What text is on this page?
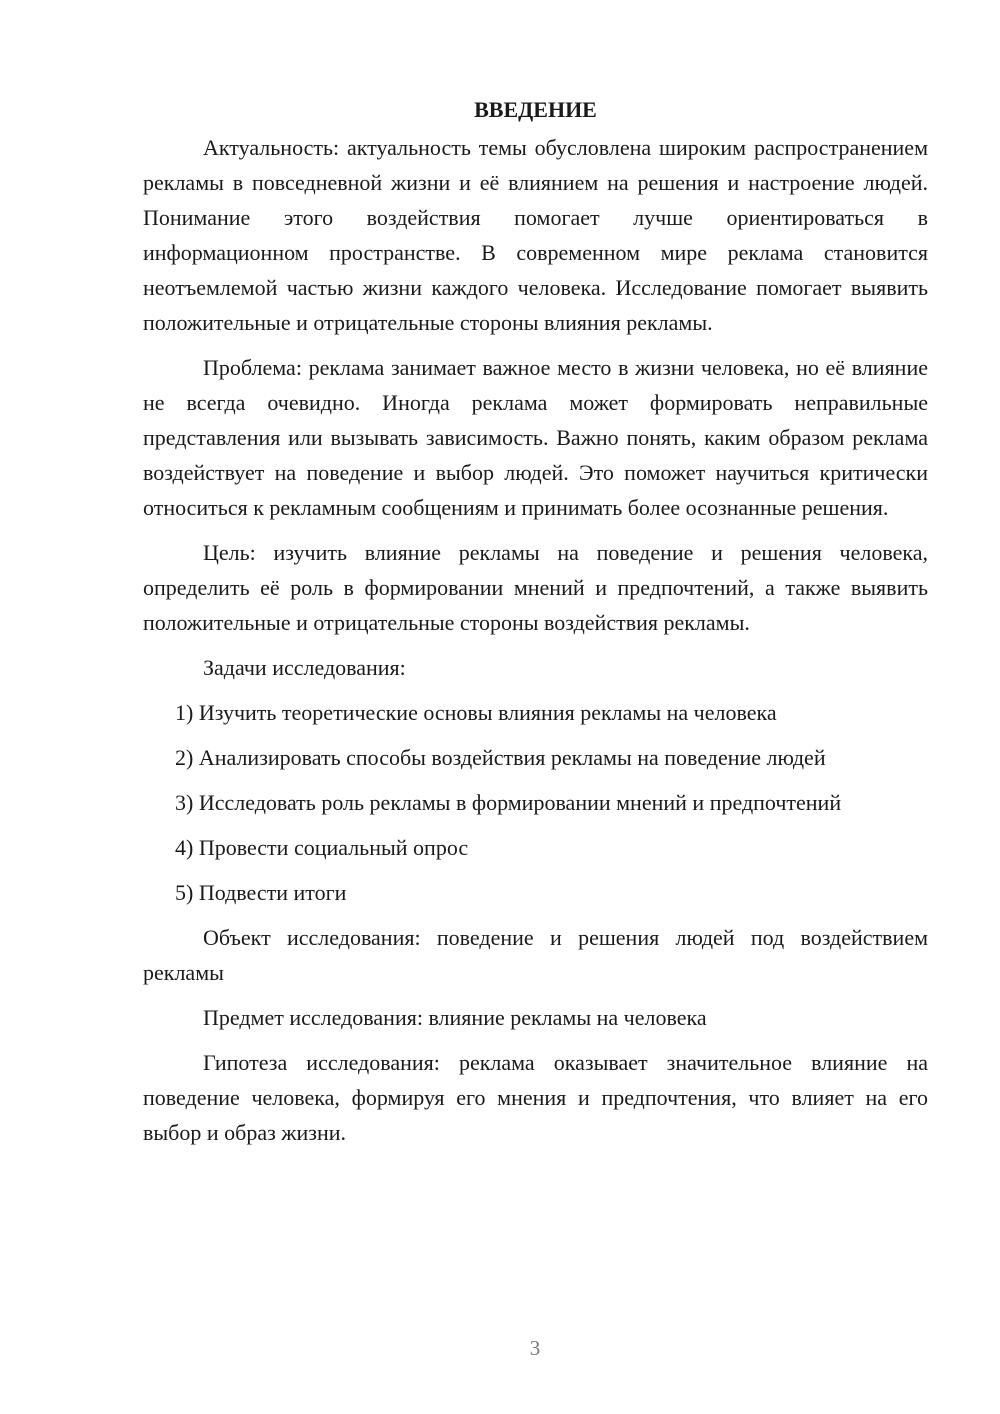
ВВЕДЕНИЕ

Актуальность: актуальность темы обусловлена широким распространением рекламы в повседневной жизни и её влиянием на решения и настроение людей. Понимание этого воздействия помогает лучше ориентироваться в информационном пространстве. В современном мире реклама становится неотъемлемой частью жизни каждого человека. Исследование помогает выявить положительные и отрицательные стороны влияния рекламы.

Проблема: реклама занимает важное место в жизни человека, но её влияние не всегда очевидно. Иногда реклама может формировать неправильные представления или вызывать зависимость. Важно понять, каким образом реклама воздействует на поведение и выбор людей. Это поможет научиться критически относиться к рекламным сообщениям и принимать более осознанные решения.

Цель: изучить влияние рекламы на поведение и решения человека, определить её роль в формировании мнений и предпочтений, а также выявить положительные и отрицательные стороны воздействия рекламы.

Задачи исследования:

1) Изучить теоретические основы влияния рекламы на человека

2) Анализировать способы воздействия рекламы на поведение людей

3) Исследовать роль рекламы в формировании мнений и предпочтений

4) Провести социальный опрос

5) Подвести итоги

Объект исследования: поведение и решения людей под воздействием рекламы

Предмет исследования: влияние рекламы на человека

Гипотеза исследования: реклама оказывает значительное влияние на поведение человека, формируя его мнения и предпочтения, что влияет на его выбор и образ жизни.

3
